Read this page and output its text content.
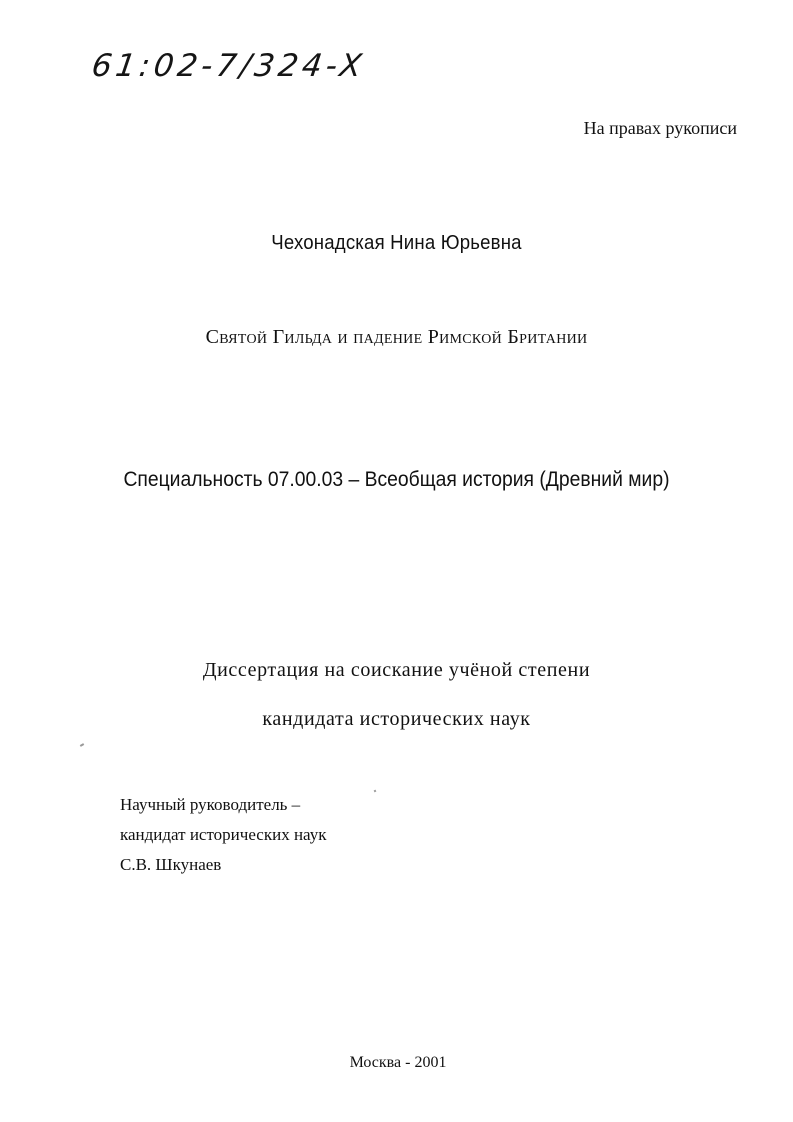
61:02-7/324-X
На правах рукописи
Чехонадская Нина Юрьевна
Святой Гильда и падение Римской Британии
Специальность 07.00.03 – Всеобщая история (Древний мир)
Диссертация на соискание учёной степени
кандидата исторических наук
Научный руководитель –
кандидат исторических наук
С.В. Шкунаев
Москва - 2001
